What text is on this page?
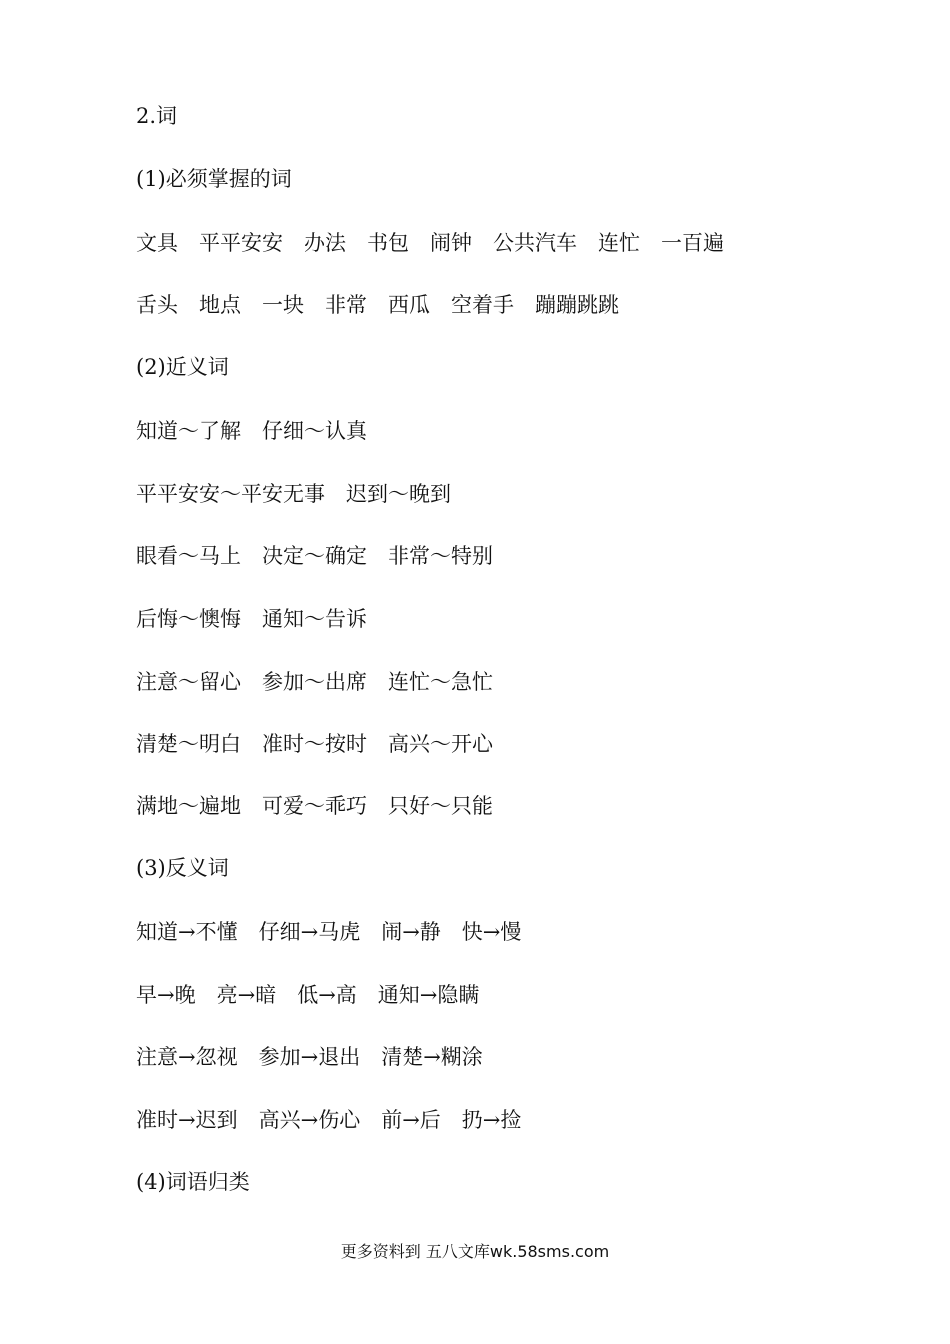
2.词

(1)必须掌握的词

文具　平平安安　办法　书包　闹钟　公共汽车　连忙　一百遍

舌头　地点　一块　非常　西瓜　空着手　蹦蹦跳跳

(2)近义词

知道～了解　仔细～认真

平平安安～平安无事　迟到～晚到

眼看～马上　决定～确定　非常～特别

后悔～懊悔　通知～告诉

注意～留心　参加～出席　连忙～急忙

清楚～明白　准时～按时　高兴～开心

满地～遍地　可爱～乖巧　只好～只能

(3)反义词

知道→不懂　仔细→马虎　闹→静　快→慢

早→晚　亮→暗　低→高　通知→隐瞒

注意→忽视　参加→退出　清楚→糊涂

准时→迟到　高兴→伤心　前→后　扔→捡

(4)词语归类

更多资料到 五八文库wk.58sms.com
